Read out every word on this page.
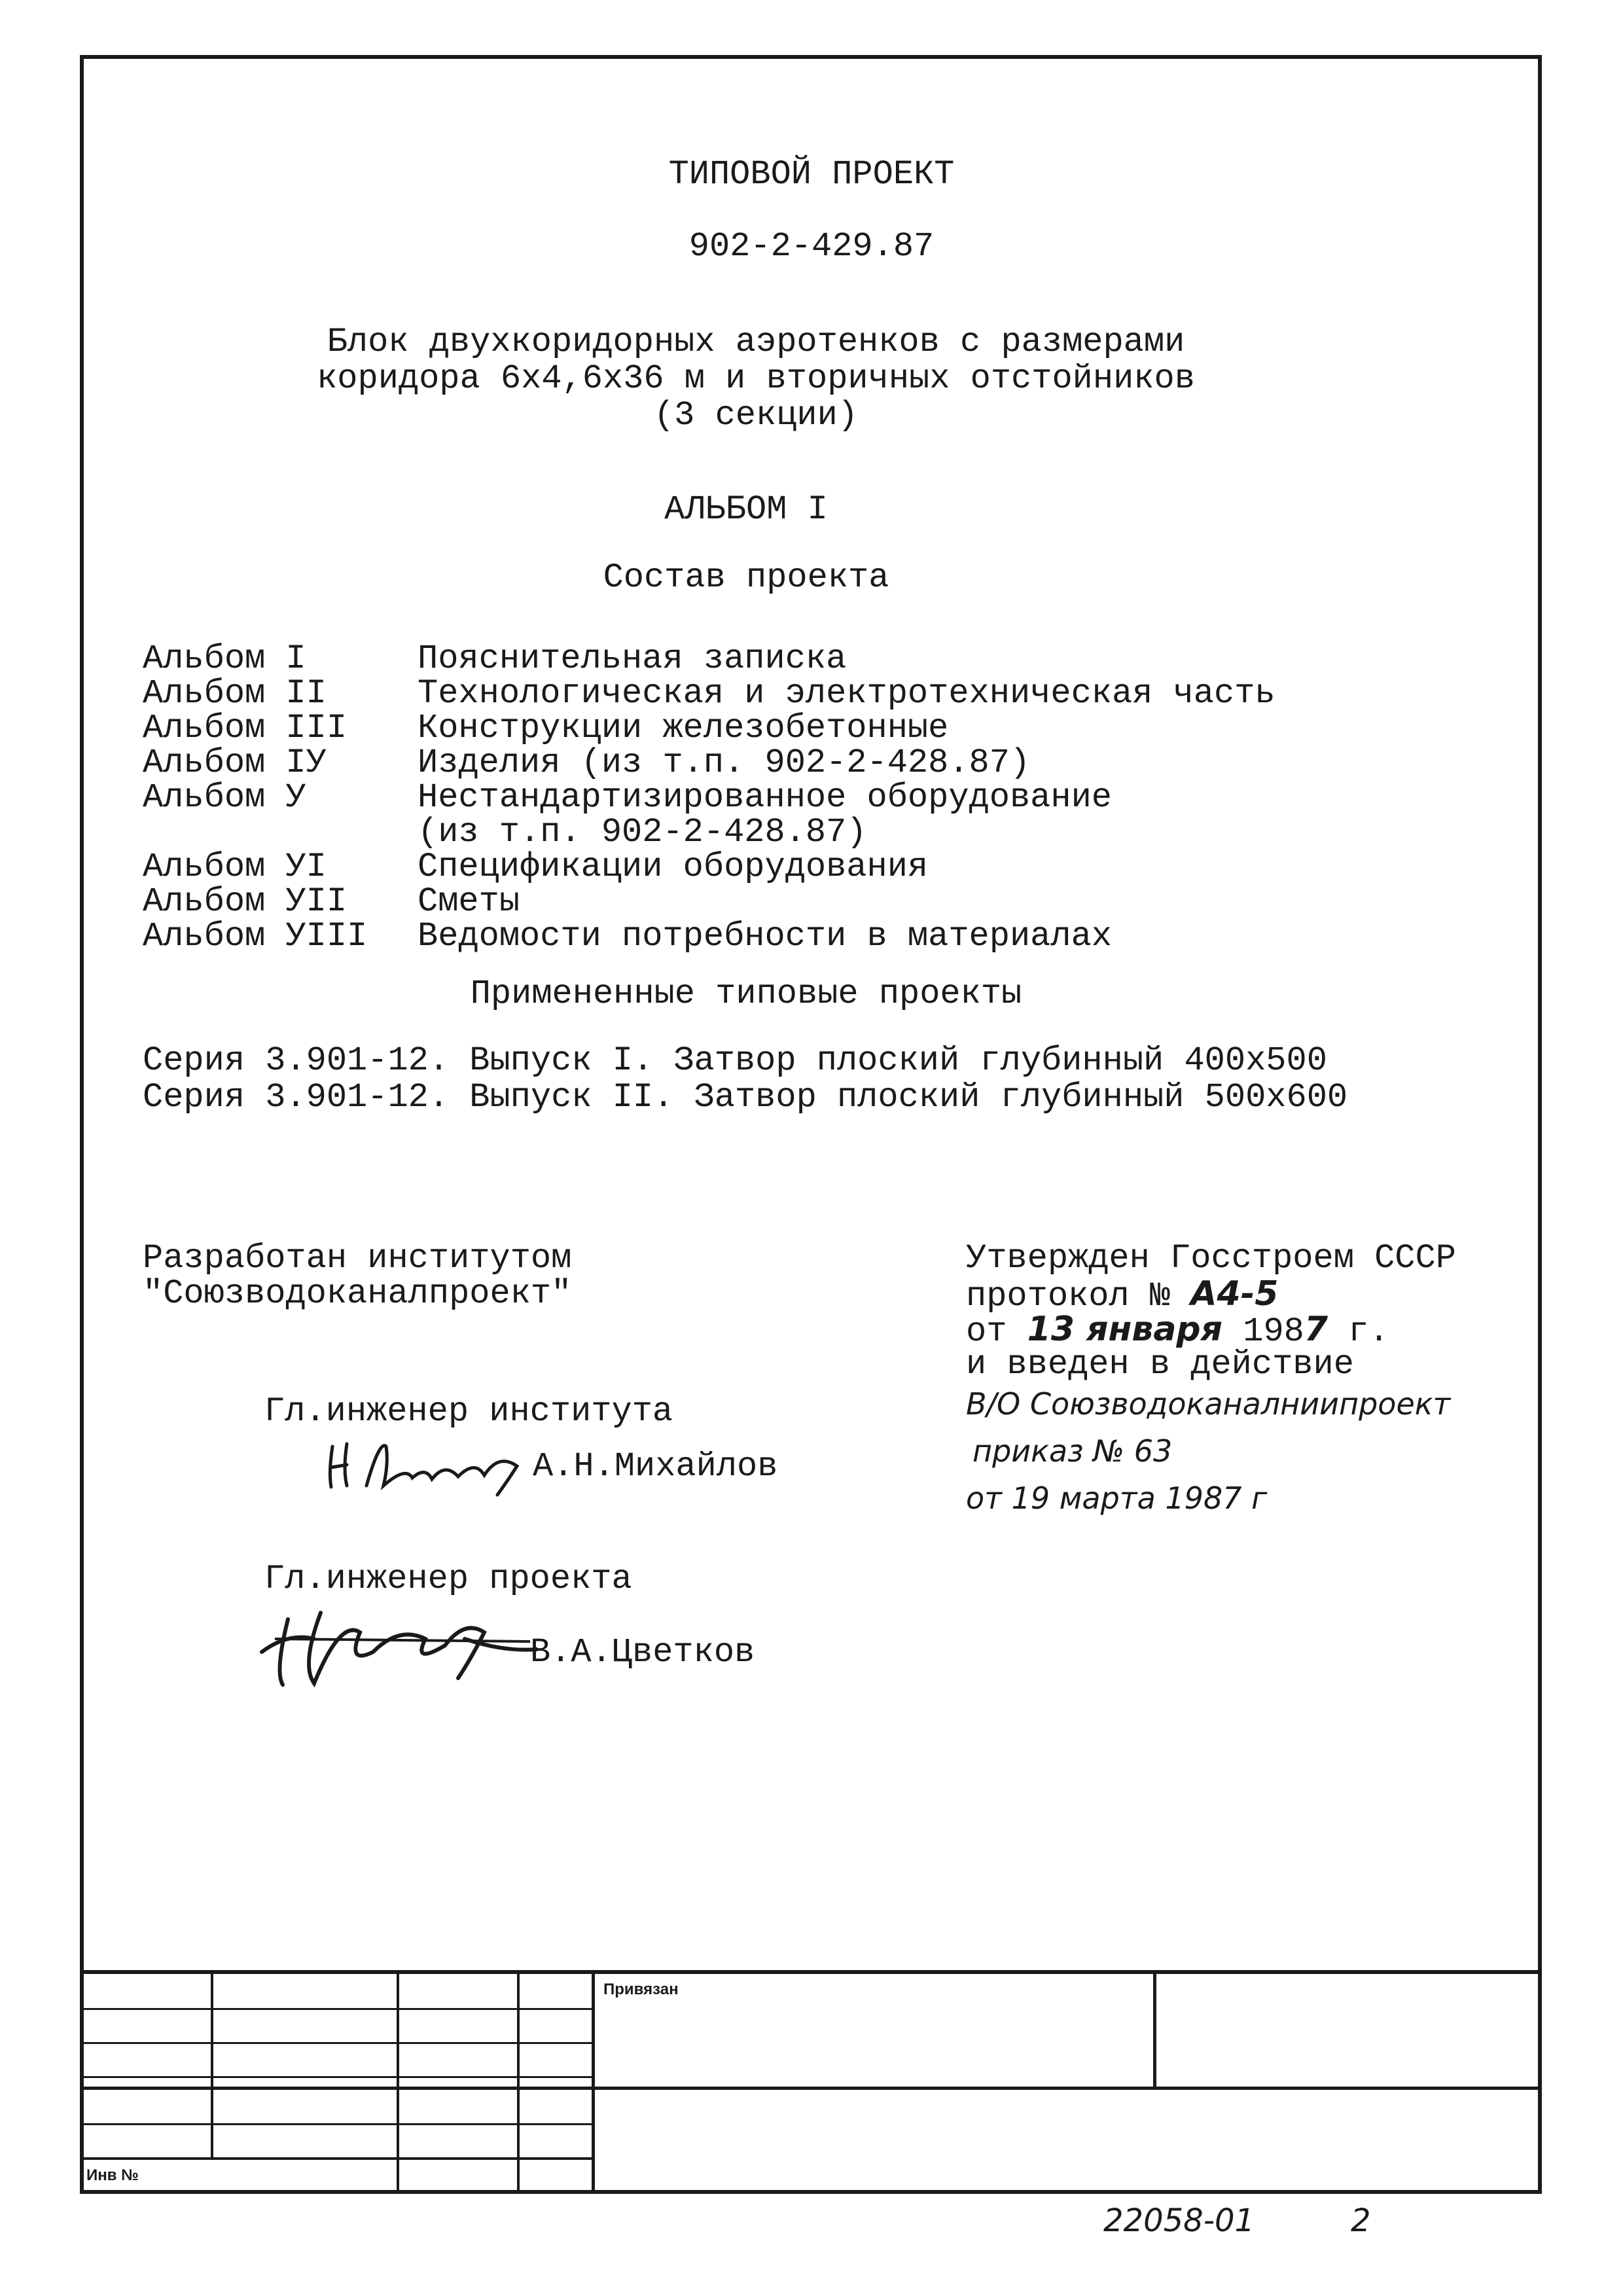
ТИПОВОЙ ПРОЕКТ
902-2-429.87
Блок двухкоридорных аэротенков с размерами
коридора 6х4,6х36 м и вторичных отстойников
(3 секции)
АЛЬБОМ I
Состав проекта
Альбом I	Пояснительная записка
Альбом II	Технологическая и электротехническая часть
Альбом III	Конструкции железобетонные
Альбом IУ	Изделия (из т.п. 902-2-428.87)
Альбом У	Нестандартизированное оборудование
(из т.п. 902-2-428.87)
Альбом УI	Спецификации оборудования
Альбом УII	Сметы
Альбом УIII	Ведомости потребности в материалах
Примененные типовые проекты
Серия 3.901-12. Выпуск I. Затвор плоский глубинный 400х500
Серия 3.901-12. Выпуск II. Затвор плоский глубинный 500х600
Разработан институтом
"Союзводоканалпроект"
Гл.инженер института
А.Н.Михайлов
Гл.инженер проекта
В.А.Цветков
Утвержден Госстроем СССР
протокол № А4-5
от 13 января 1987 г.
и введен в действие
В/О Союзводоканалниипроект
приказ № 63
от 19 марта 1987 г
Привязан
Инв №
22058-01	2
